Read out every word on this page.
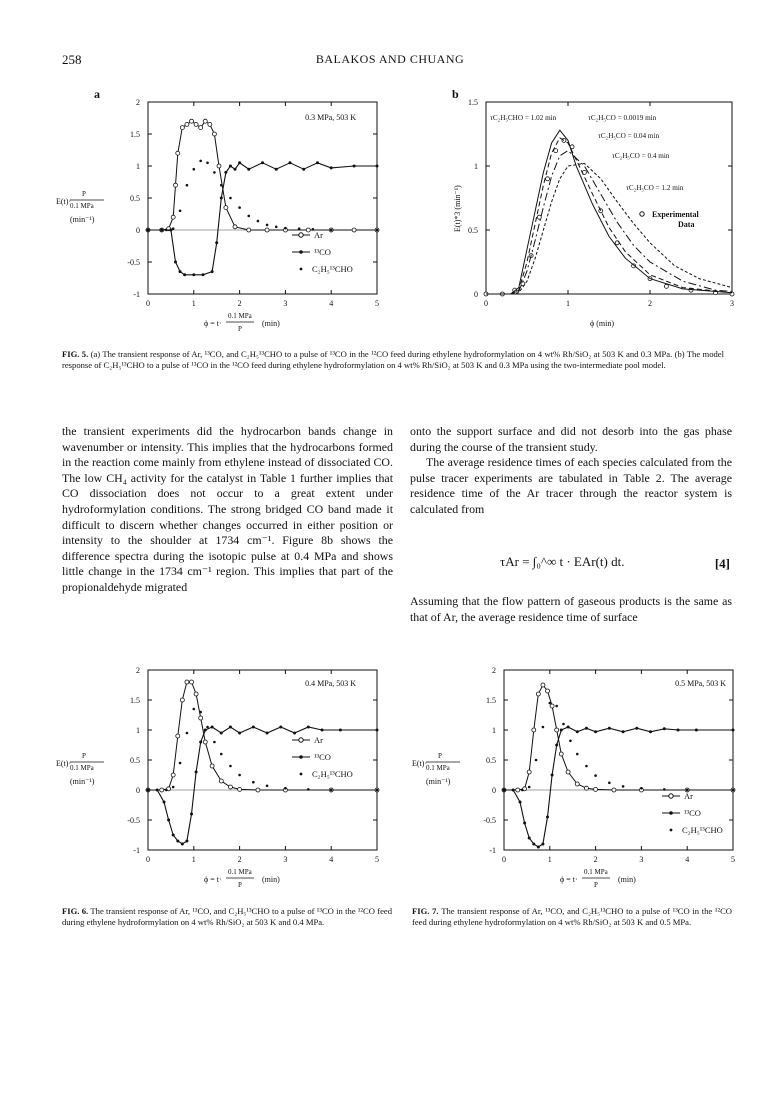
258	BALAKOS AND CHUANG
a
2
1.5
1
0.5
0
-0.5
-1
0	1	2	3	4	5
0.3 MPa, 503 K
Ar
¹³CO
C₂H₅¹³CHO
E(t)·
P
0.1 MPa
(min⁻¹)
ϕ = t·
0.1 MPa
P
(min)
b
1.5
1
0.5
0
0	1	2	3
τC₂H₅CHO = 1.02 min	τC₂H₅CO = 0.0019 min
τC₂H₅CO = 0.04 min
τC₂H₅CO = 0.4 min
τC₂H₅CO = 1.2 min
Experimental
Data
E(t)*3 (min⁻¹)
ϕ (min)
FIG. 5. (a) The transient response of Ar, ¹³CO, and C₂H₅¹³CHO to a pulse of ¹³CO in the ¹²CO feed during ethylene hydroformylation on 4 wt% Rh/SiO₂ at 503 K and 0.3 MPa. (b) The model response of C₂H₅¹³CHO to a pulse of ¹³CO in the ¹²CO feed during ethylene hydroformylation on 4 wt% Rh/SiO₂ at 503 K and 0.3 MPa using the two-intermediate pool model.

the transient experiments did the hydrocarbon bands change in wavenumber or intensity. This implies that the hydrocarbons formed in the reaction come mainly from ethylene instead of dissociated CO. The low CH₄ activity for the catalyst in Table 1 further implies that CO dissociation does not occur to a great extent under hydroformylation conditions. The strong bridged CO band made it difficult to discern whether changes occurred in either position or intensity to the shoulder at 1734 cm⁻¹. Figure 8b shows the difference spectra during the isotopic pulse at 0.4 MPa and shows little change in the 1734 cm⁻¹ region. This implies that part of the propionaldehyde migrated

onto the support surface and did not desorb into the gas phase during the course of the transient study.

The average residence times of each species calculated from the pulse tracer experiments are tabulated in Table 2. The average residence time of the Ar tracer through the reactor system is calculated from

τAr = ∫₀^∞ t · EAr(t) dt.	[4]

Assuming that the flow pattern of gaseous products is the same as that of Ar, the average residence time of surface

2
1.5
1
0.5
0
-0.5
-1
0	1	2	3	4	5
0.4 MPa, 503 K
Ar
¹³CO
C₂H₅¹³CHO
E(t)·
P
0.1 MPa
(min⁻¹)
ϕ = t·
0.1 MPa
P
(min)
2
1.5
1
0.5
0
-0.5
-1
0	1	2	3	4	5
0.5 MPa, 503 K
Ar
¹³CO
C₂H₅¹³CHO
E(t)·
P
0.1 MPa
(min⁻¹)
ϕ = t·
0.1 MPa
P
(min)
FIG. 6. The transient response of Ar, ¹³CO, and C₂H₅¹³CHO to a pulse of ¹³CO in the ¹²CO feed during ethylene hydroformylation on 4 wt% Rh/SiO₂ at 503 K and 0.4 MPa.
FIG. 7. The transient response of Ar, ¹³CO, and C₂H₅¹³CHO to a pulse of ¹³CO in the ¹²CO feed during ethylene hydroformylation on 4 wt% Rh/SiO₂ at 503 K and 0.5 MPa.
